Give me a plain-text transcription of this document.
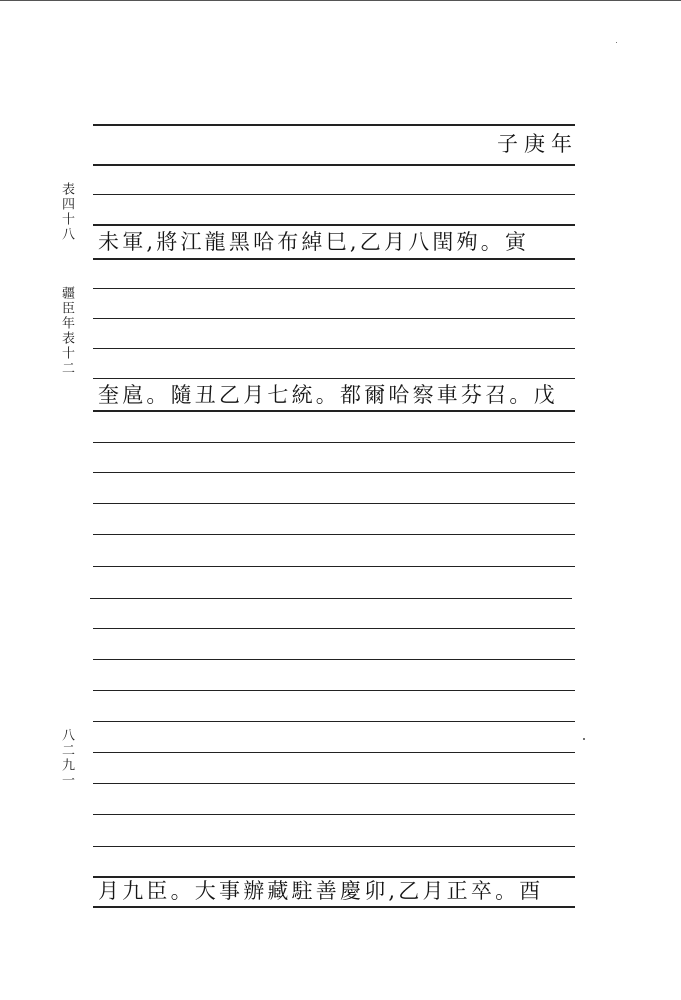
表四十八
疆臣年表十二
八二九一
子庚年
未軍,將江龍黑哈布綽巳,乙月八閏殉。寅
奎扈。隨丑乙月七統。都爾哈察車芬召。戊
月九臣。大事辦藏駐善慶卯,乙月正卒。酉
